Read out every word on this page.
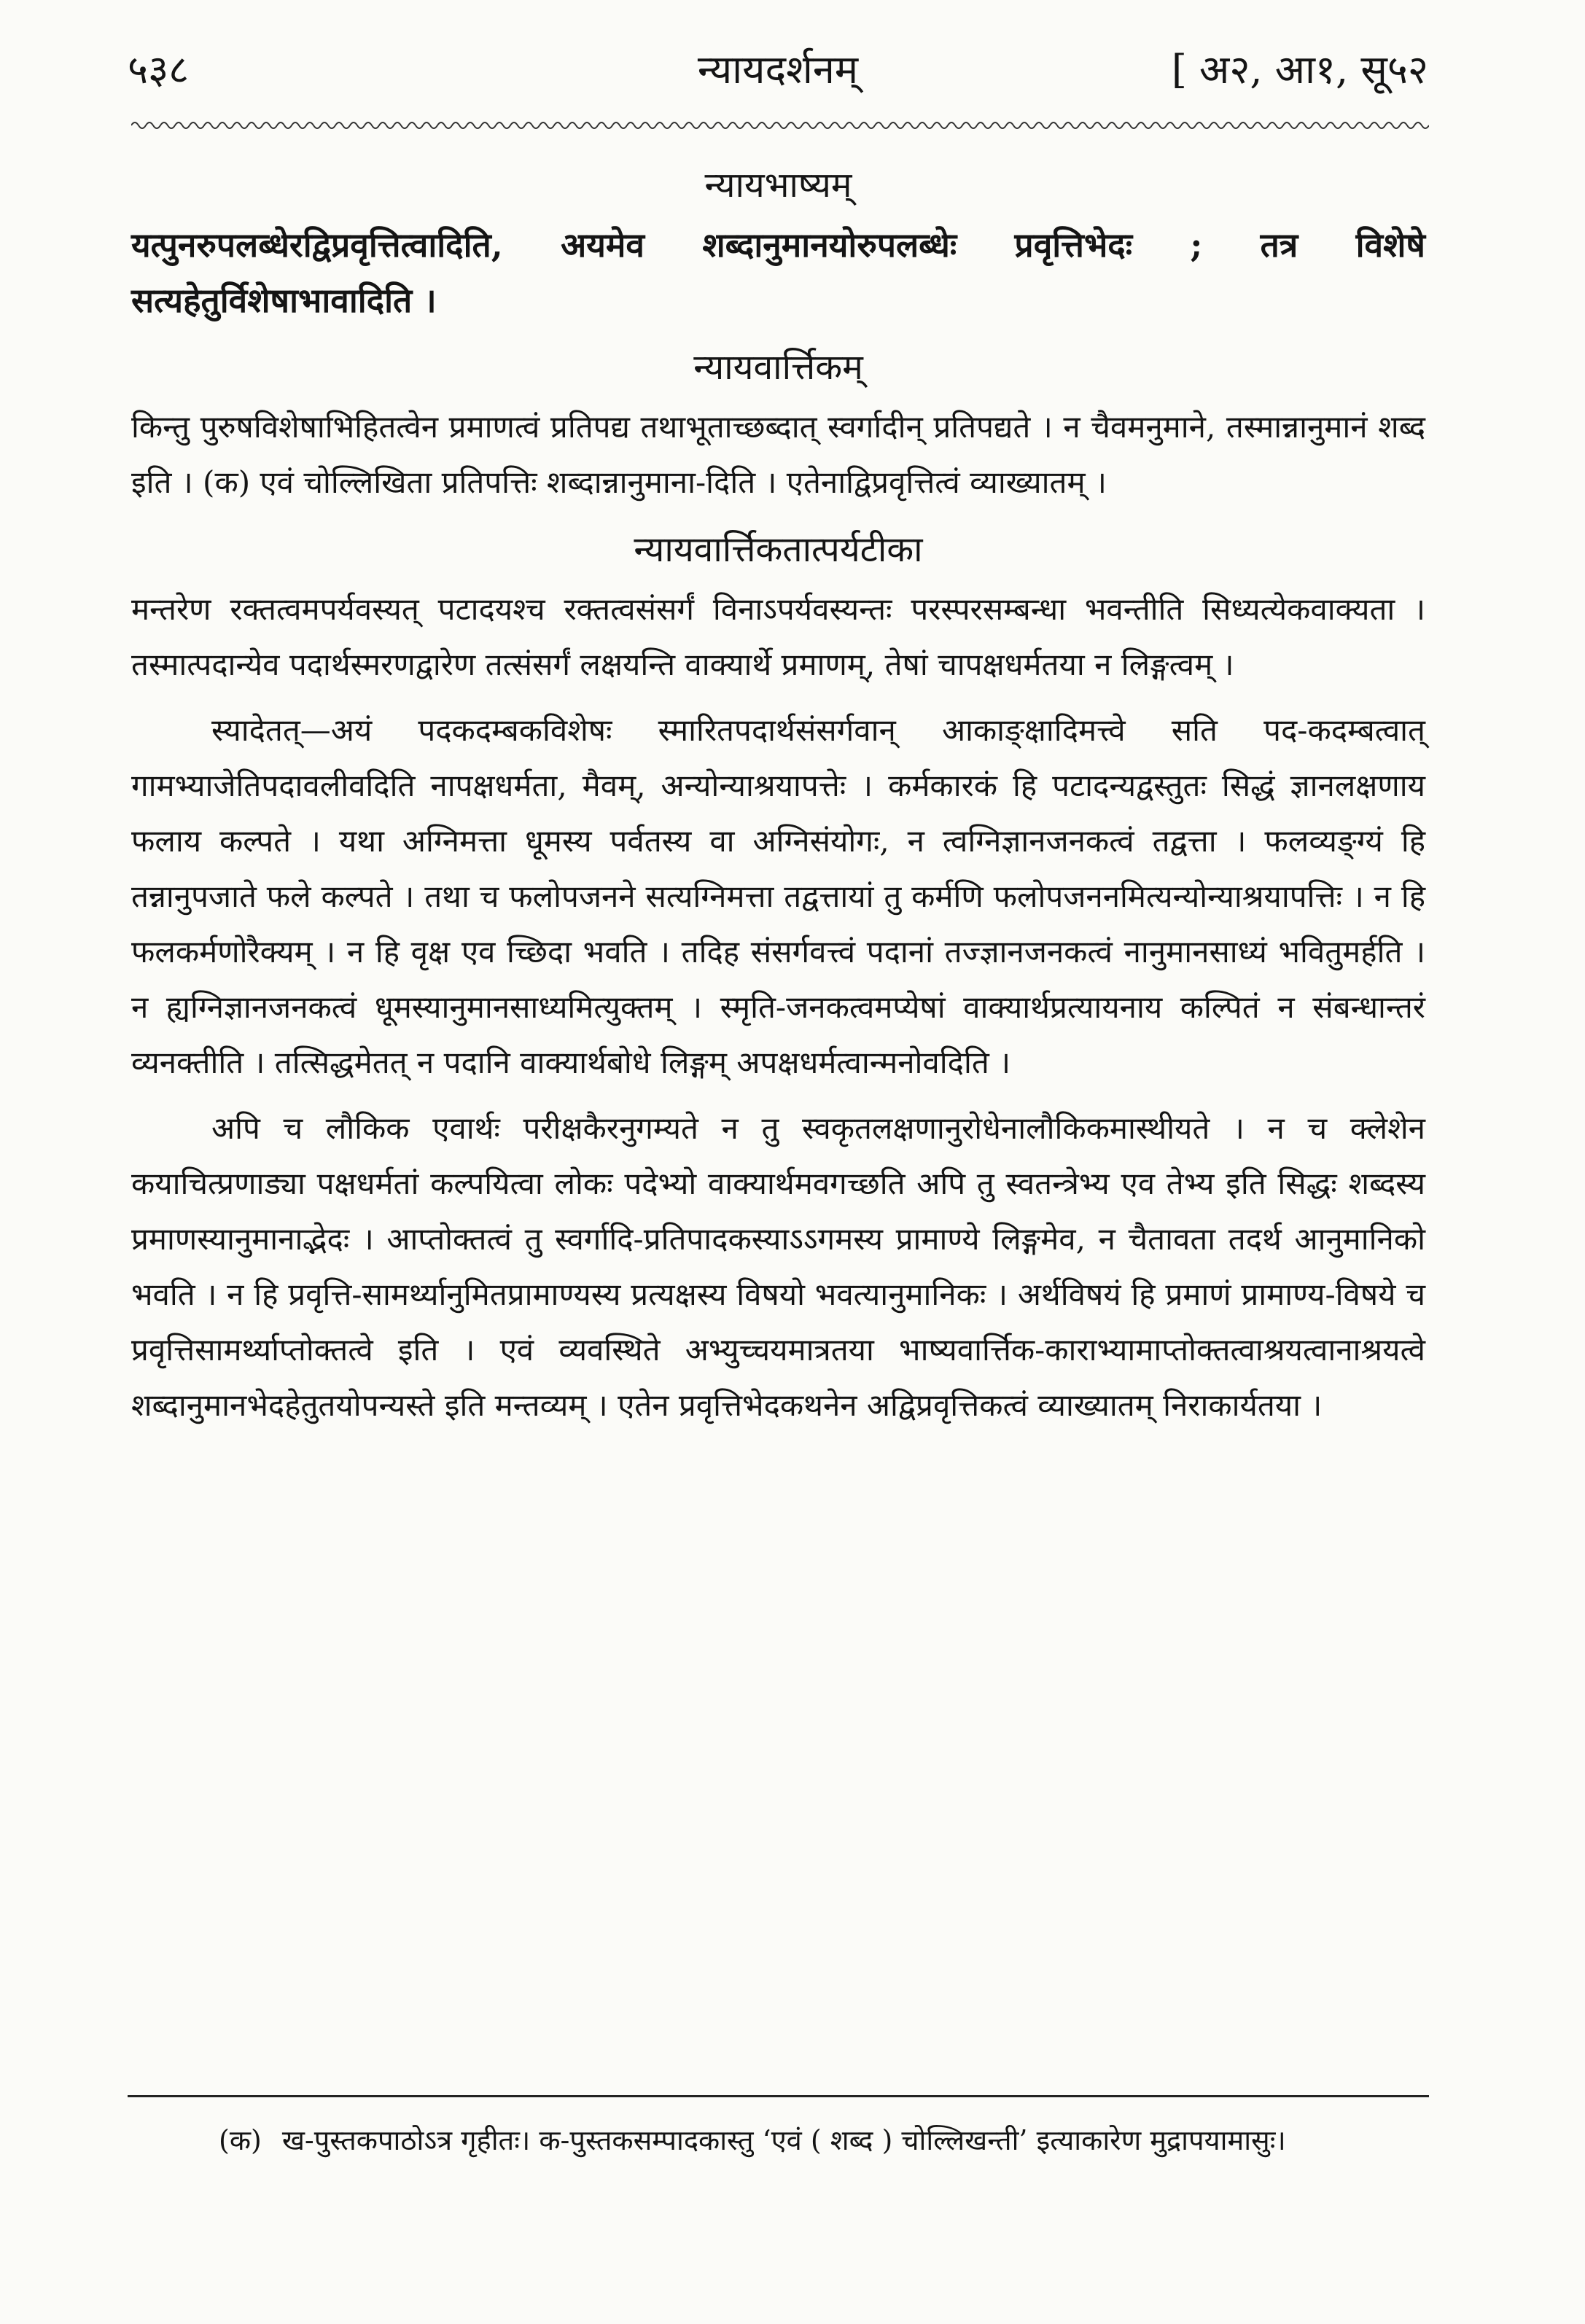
५३८	न्यायदर्शनम्	[ अ२, आ१, सू५२
न्यायभाष्यम्

यत्पुनरुपलब्धेरद्विप्रवृत्तित्वादिति, अयमेव शब्दानुमानयोरुपलब्धेः प्रवृत्तिभेदः ; तत्र विशेषे सत्यहेतुर्विशेषाभावादिति ।

न्यायवार्त्तिकम्

किन्तु पुरुषविशेषाभिहितत्वेन प्रमाणत्वं प्रतिपद्य तथाभूताच्छब्दात् स्वर्गादीन् प्रतिपद्यते । न चैवमनुमाने, तस्मान्नानुमानं शब्द इति । (क) एवं चोल्लिखिता प्रतिपत्तिः शब्दान्नानुमाना-दिति । एतेनाद्विप्रवृत्तित्वं व्याख्यातम् ।

न्यायवार्त्तिकतात्पर्यटीका

मन्तरेण रक्तत्वमपर्यवस्यत् पटादयश्च रक्तत्वसंसर्गं विनाऽपर्यवस्यन्तः परस्परसम्बन्धा भवन्तीति सिध्यत्येकवाक्यता । तस्मात्पदान्येव पदार्थस्मरणद्वारेण तत्संसर्गं लक्षयन्ति वाक्यार्थे प्रमाणम्, तेषां चापक्षधर्मतया न लिङ्गत्वम् ।

स्यादेतत्—अयं पदकदम्बकविशेषः स्मारितपदार्थसंसर्गवान् आकाङ्क्षादिमत्त्वे सति पद-कदम्बत्वात् गामभ्याजेतिपदावलीवदिति नापक्षधर्मता, मैवम्, अन्योन्याश्रयापत्तेः । कर्मकारकं हि पटादन्यद्वस्तुतः सिद्धं ज्ञानलक्षणाय फलाय कल्पते । यथा अग्निमत्ता धूमस्य पर्वतस्य वा अग्निसंयोगः, न त्वग्निज्ञानजनकत्वं तद्वत्ता । फलव्यङ्ग्यं हि तन्नानुपजाते फले कल्पते । तथा च फलोपजनने सत्यग्निमत्ता तद्वत्तायां तु कर्मणि फलोपजननमित्यन्योन्याश्रयापत्तिः । न हि फलकर्मणोरैक्यम् । न हि वृक्ष एव च्छिदा भवति । तदिह संसर्गवत्त्वं पदानां तज्ज्ञानजनकत्वं नानुमानसाध्यं भवितुमर्हति । न ह्यग्निज्ञानजनकत्वं धूमस्यानुमानसाध्यमित्युक्तम् । स्मृति-जनकत्वमप्येषां वाक्यार्थप्रत्यायनाय कल्पितं न संबन्धान्तरं व्यनक्तीति । तत्सिद्धमेतत् न पदानि वाक्यार्थबोधे लिङ्गम् अपक्षधर्मत्वान्मनोवदिति ।

अपि च लौकिक एवार्थः परीक्षकैरनुगम्यते न तु स्वकृतलक्षणानुरोधेनालौकिकमास्थीयते । न च क्लेशेन कयाचित्प्रणाड्या पक्षधर्मतां कल्पयित्वा लोकः पदेभ्यो वाक्यार्थमवगच्छति अपि तु स्वतन्त्रेभ्य एव तेभ्य इति सिद्धः शब्दस्य प्रमाणस्यानुमानाद्भेदः । आप्तोक्तत्वं तु स्वर्गादि-प्रतिपादकस्याऽऽगमस्य प्रामाण्ये लिङ्गमेव, न चैतावता तदर्थ आनुमानिको भवति । न हि प्रवृत्ति-सामर्थ्यानुमितप्रामाण्यस्य प्रत्यक्षस्य विषयो भवत्यानुमानिकः । अर्थविषयं हि प्रमाणं प्रामाण्य-विषये च प्रवृत्तिसामर्थ्याप्तोक्तत्वे इति । एवं व्यवस्थिते अभ्युच्चयमात्रतया भाष्यवार्त्तिक-काराभ्यामाप्तोक्तत्वाश्रयत्वानाश्रयत्वे शब्दानुमानभेदहेतुतयोपन्यस्ते इति मन्तव्यम् । एतेन प्रवृत्तिभेदकथनेन अद्विप्रवृत्तिकत्वं व्याख्यातम् निराकार्यतया ।

(क) ख-पुस्तकपाठोऽत्र गृहीतः। क-पुस्तकसम्पादकास्तु ‘एवं ( शब्द ) चोल्लिखन्ती’ इत्याकारेण मुद्रापयामासुः।
